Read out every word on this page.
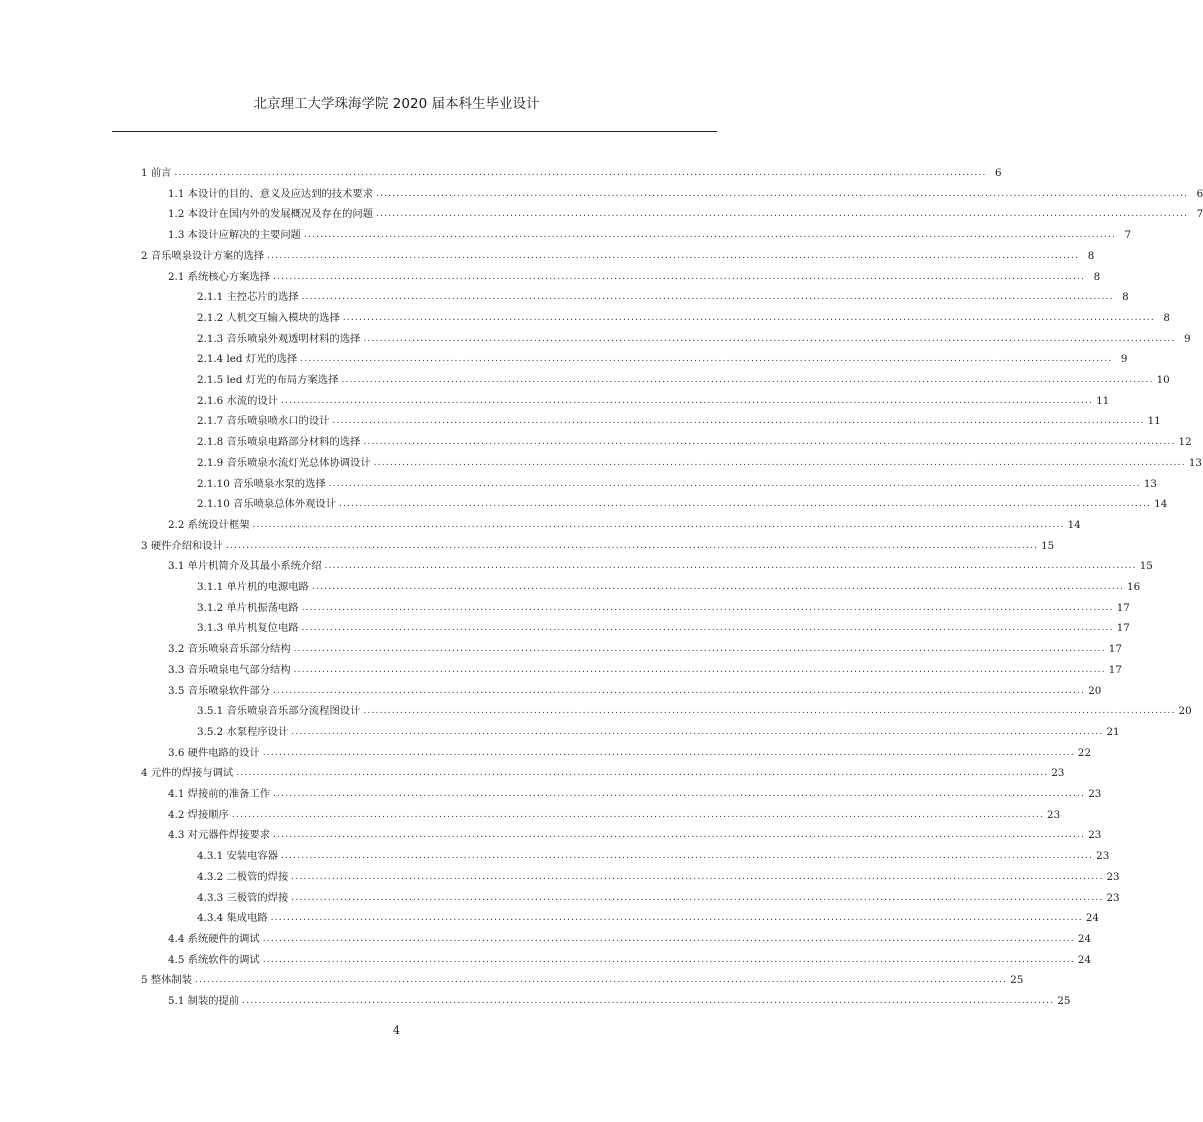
北京理工大学珠海学院 2020 届本科生毕业设计
1 前言 ........................................................................................................................................................................................................ 6
1.1 本设计的目的、意义及应达到的技术要求 ........................................................................................................................................................................................................ 6
1.2 本设计在国内外的发展概况及存在的问题 ........................................................................................................................................................................................................ 7
1.3 本设计应解决的主要问题 ........................................................................................................................................................................................................ 7
2 音乐喷泉设计方案的选择 ........................................................................................................................................................................................................ 8
2.1 系统核心方案选择 ........................................................................................................................................................................................................ 8
2.1.1 主控芯片的选择 ........................................................................................................................................................................................................ 8
2.1.2 人机交互输入模块的选择 ........................................................................................................................................................................................................ 8
2.1.3 音乐喷泉外观透明材料的选择 ........................................................................................................................................................................................................ 9
2.1.4 led 灯光的选择 ........................................................................................................................................................................................................ 9
2.1.5 led 灯光的布局方案选择 ........................................................................................................................................................................................................ 10
2.1.6 水流的设计 ........................................................................................................................................................................................................ 11
2.1.7 音乐喷泉喷水口的设计 ........................................................................................................................................................................................................ 11
2.1.8 音乐喷泉电路部分材料的选择 ........................................................................................................................................................................................................ 12
2.1.9 音乐喷泉水流灯光总体协调设计 ........................................................................................................................................................................................................ 13
2.1.10 音乐喷泉水泵的选择 ........................................................................................................................................................................................................ 13
2.1.10 音乐喷泉总体外观设计 ........................................................................................................................................................................................................ 14
2.2 系统设计框架 ........................................................................................................................................................................................................ 14
3 硬件介绍和设计 ........................................................................................................................................................................................................ 15
3.1 单片机简介及其最小系统介绍 ........................................................................................................................................................................................................ 15
3.1.1 单片机的电源电路 ........................................................................................................................................................................................................ 16
3.1.2 单片机振荡电路 ........................................................................................................................................................................................................ 17
3.1.3 单片机复位电路 ........................................................................................................................................................................................................ 17
3.2 音乐喷泉音乐部分结构 ........................................................................................................................................................................................................ 17
3.3 音乐喷泉电气部分结构 ........................................................................................................................................................................................................ 17
3.5 音乐喷泉软件部分 ........................................................................................................................................................................................................ 20
3.5.1 音乐喷泉音乐部分流程图设计 ........................................................................................................................................................................................................ 20
3.5.2 水泵程序设计 ........................................................................................................................................................................................................ 21
3.6 硬件电路的设计 ........................................................................................................................................................................................................ 22
4 元件的焊接与调试 ........................................................................................................................................................................................................ 23
4.1 焊接前的准备工作 ........................................................................................................................................................................................................ 23
4.2 焊接顺序 ........................................................................................................................................................................................................ 23
4.3 对元器件焊接要求 ........................................................................................................................................................................................................ 23
4.3.1 安装电容器 ........................................................................................................................................................................................................ 23
4.3.2 二极管的焊接 ........................................................................................................................................................................................................ 23
4.3.3 三极管的焊接 ........................................................................................................................................................................................................ 23
4.3.4 集成电路 ........................................................................................................................................................................................................ 24
4.4 系统硬件的调试 ........................................................................................................................................................................................................ 24
4.5 系统软件的调试 ........................................................................................................................................................................................................ 24
5 整体制装 ........................................................................................................................................................................................................ 25
5.1 制装的提前 ........................................................................................................................................................................................................ 25
4
